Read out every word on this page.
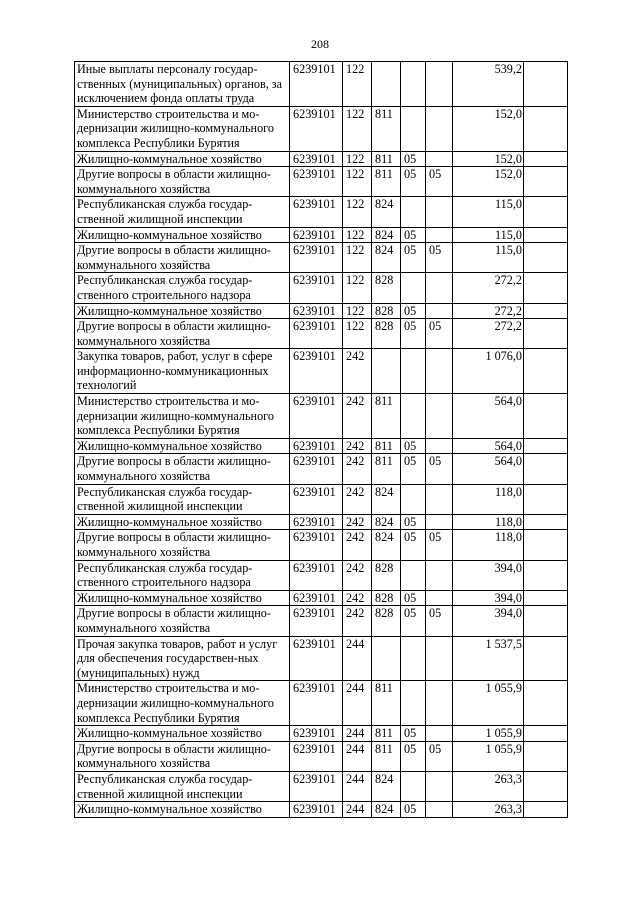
208
Иные выплаты персоналу государ-ственных (муниципальных) органов, за исключением фонда оплаты труда	6239101	122				539,2	
Министерство строительства и мо-дернизации жилищно-коммунального комплекса Республики Бурятия	6239101	122	811			152,0	
Жилищно-коммунальное хозяйство	6239101	122	811	05		152,0	
Другие вопросы в области жилищно-коммунального хозяйства	6239101	122	811	05	05	152,0	
Республиканская служба государ-ственной жилищной инспекции	6239101	122	824			115,0	
Жилищно-коммунальное хозяйство	6239101	122	824	05		115,0	
Другие вопросы в области жилищно-коммунального хозяйства	6239101	122	824	05	05	115,0	
Республиканская служба государ-ственного строительного надзора	6239101	122	828			272,2	
Жилищно-коммунальное хозяйство	6239101	122	828	05		272,2	
Другие вопросы в области жилищно-коммунального хозяйства	6239101	122	828	05	05	272,2	
Закупка товаров, работ, услуг в сфере информационно-коммуникационных технологий	6239101	242				1 076,0	
Министерство строительства и мо-дернизации жилищно-коммунального комплекса Республики Бурятия	6239101	242	811			564,0	
Жилищно-коммунальное хозяйство	6239101	242	811	05		564,0	
Другие вопросы в области жилищно-коммунального хозяйства	6239101	242	811	05	05	564,0	
Республиканская служба государ-ственной жилищной инспекции	6239101	242	824			118,0	
Жилищно-коммунальное хозяйство	6239101	242	824	05		118,0	
Другие вопросы в области жилищно-коммунального хозяйства	6239101	242	824	05	05	118,0	
Республиканская служба государ-ственного строительного надзора	6239101	242	828			394,0	
Жилищно-коммунальное хозяйство	6239101	242	828	05		394,0	
Другие вопросы в области жилищно-коммунального хозяйства	6239101	242	828	05	05	394,0	
Прочая закупка товаров, работ и услуг для обеспечения государствен-ных (муниципальных) нужд	6239101	244				1 537,5	
Министерство строительства и мо-дернизации жилищно-коммунального комплекса Республики Бурятия	6239101	244	811			1 055,9	
Жилищно-коммунальное хозяйство	6239101	244	811	05		1 055,9	
Другие вопросы в области жилищно-коммунального хозяйства	6239101	244	811	05	05	1 055,9	
Республиканская служба государ-ственной жилищной инспекции	6239101	244	824			263,3	
Жилищно-коммунальное хозяйство	6239101	244	824	05		263,3	
